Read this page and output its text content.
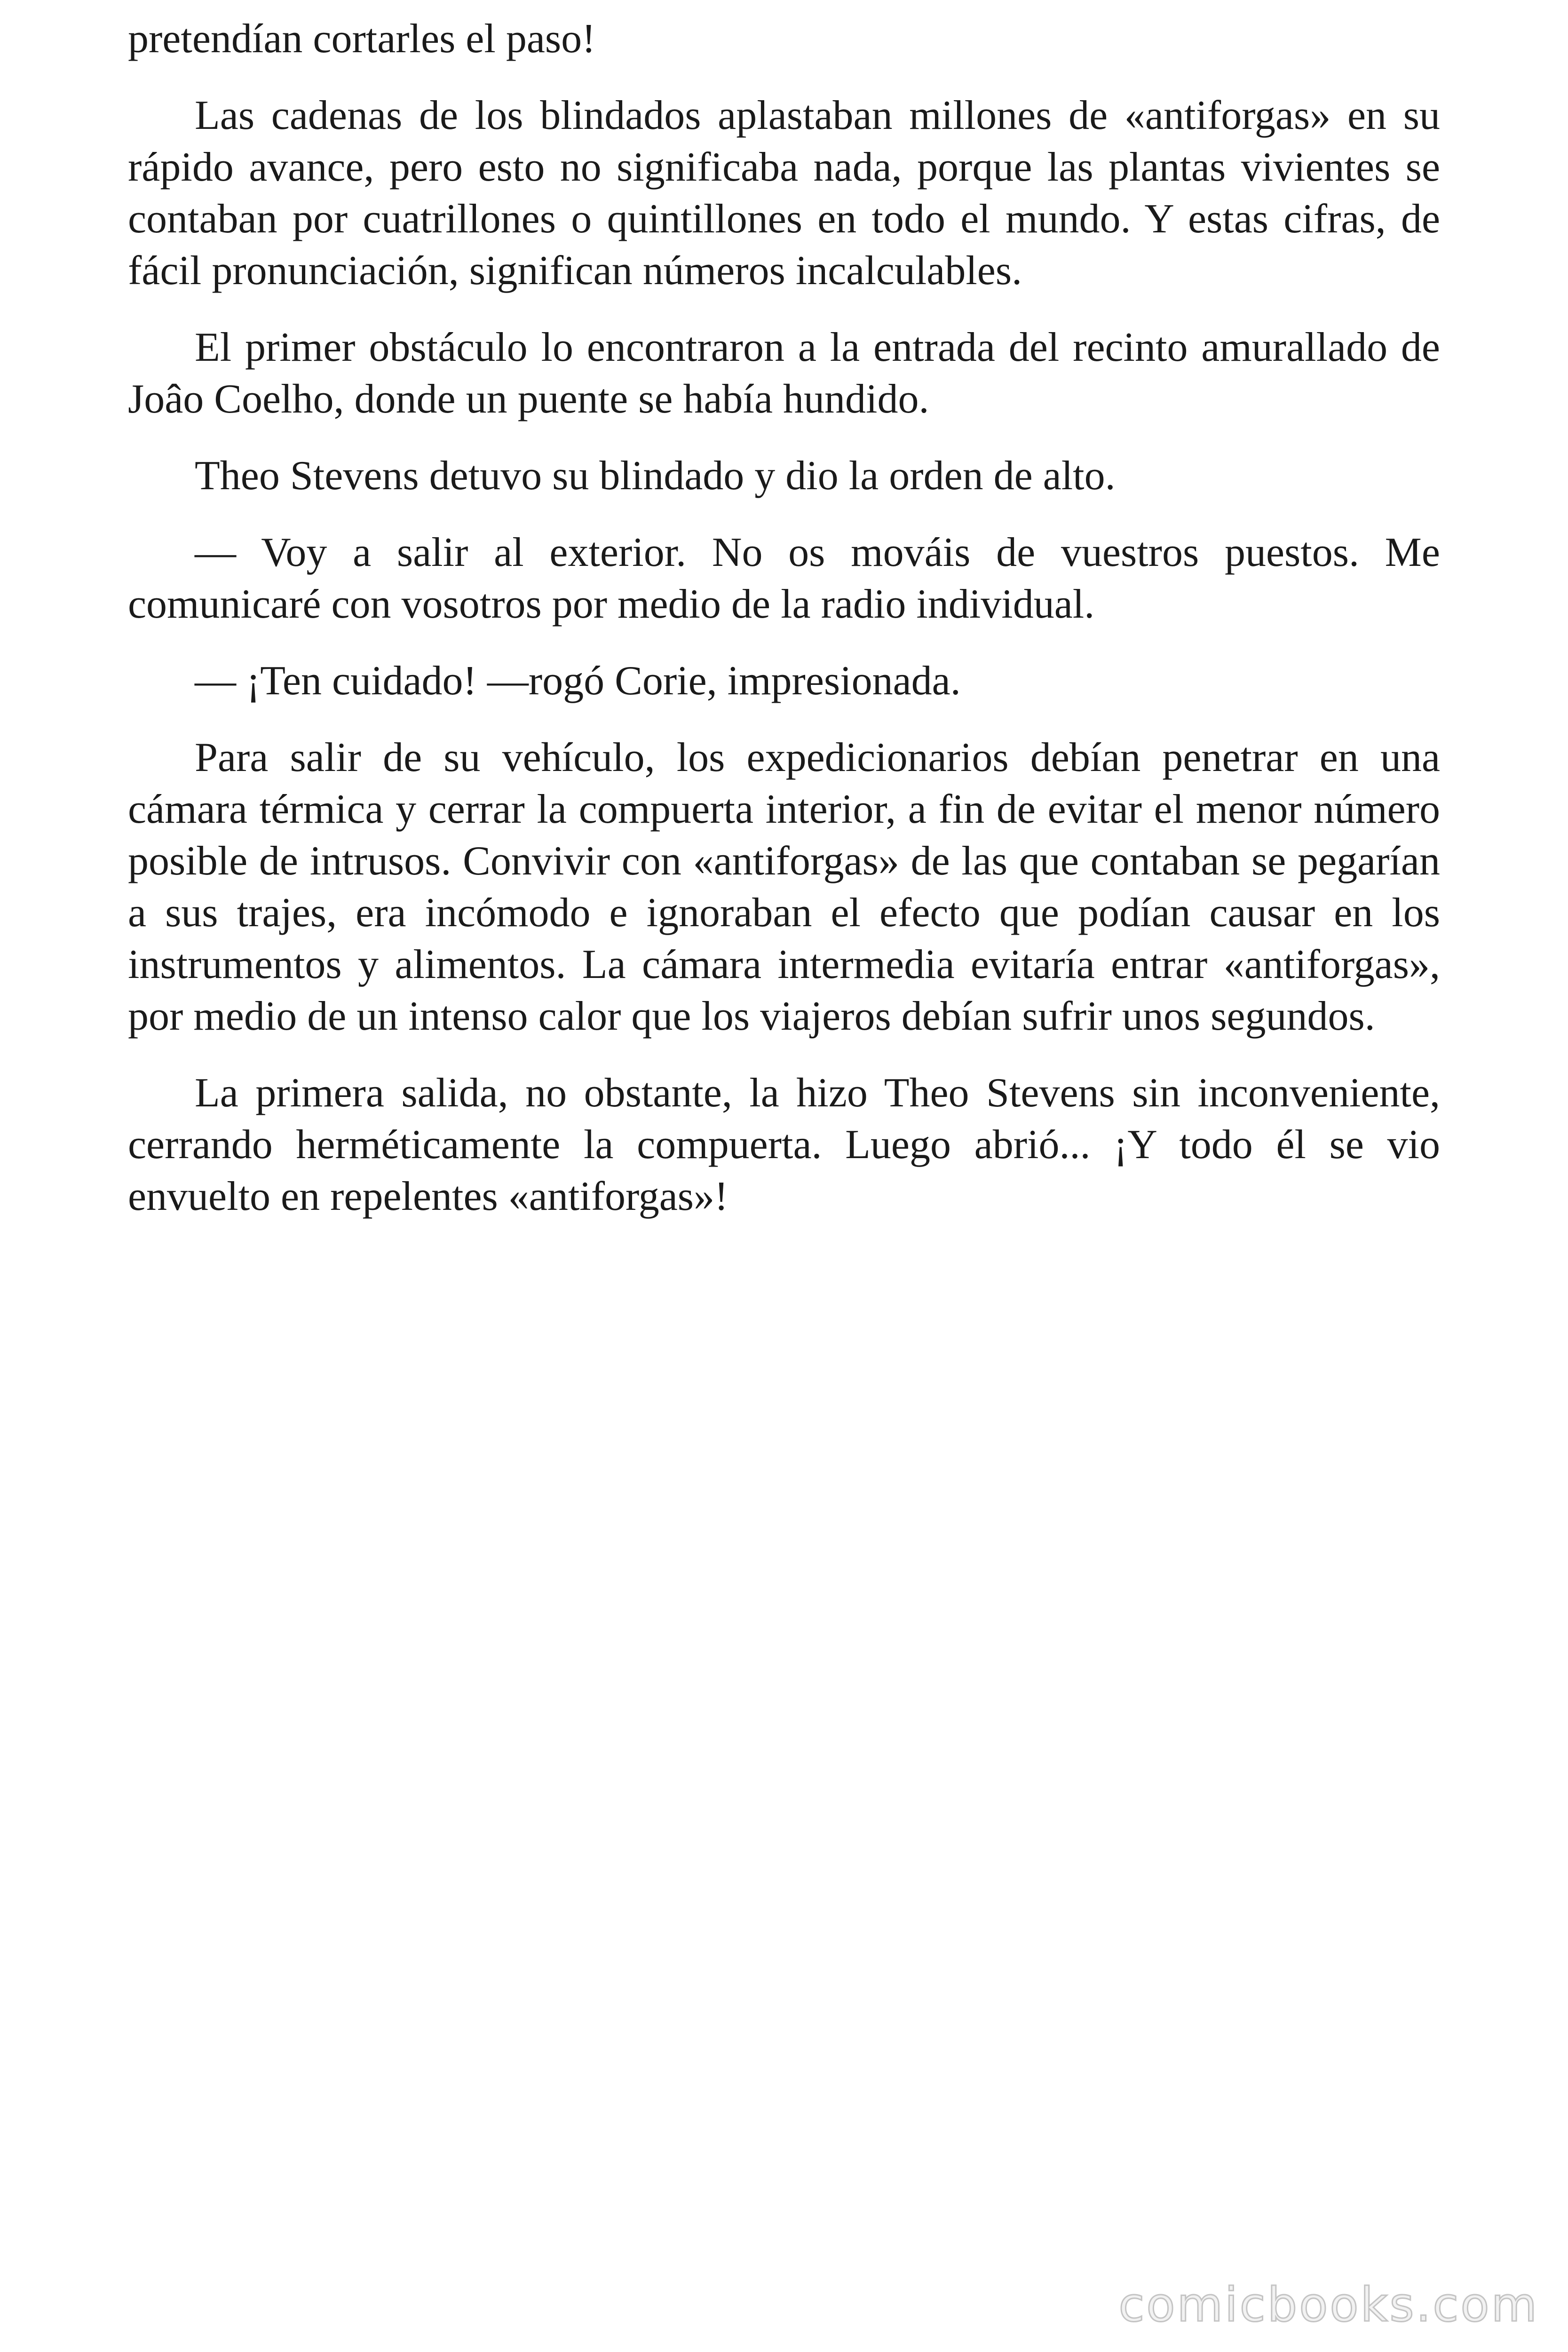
pretendían cortarles el paso!

Las cadenas de los blindados aplastaban millones de «antiforgas» en su rápido avance, pero esto no significaba nada, porque las plantas vivientes se contaban por cuatrillones o quintillones en todo el mundo. Y estas cifras, de fácil pronunciación, significan números incalculables.

El primer obstáculo lo encontraron a la entrada del recinto amurallado de Joâo Coelho, donde un puente se había hundido.

Theo Stevens detuvo su blindado y dio la orden de alto.

— Voy a salir al exterior. No os mováis de vuestros puestos. Me comunicaré con vosotros por medio de la radio individual.

— ¡Ten cuidado! —rogó Corie, impresionada.

Para salir de su vehículo, los expedicionarios debían penetrar en una cámara térmica y cerrar la compuerta interior, a fin de evitar el menor número posible de intrusos. Convivir con «antiforgas» de las que contaban se pegarían a sus trajes, era incómodo e ignoraban el efecto que podían causar en los instrumentos y alimentos. La cámara intermedia evitaría entrar «antiforgas», por medio de un intenso calor que los viajeros debían sufrir unos segundos.

La primera salida, no obstante, la hizo Theo Stevens sin inconveniente, cerrando herméticamente la compuerta. Luego abrió... ¡Y todo él se vio envuelto en repelentes «antiforgas»!

comicbooks.com
